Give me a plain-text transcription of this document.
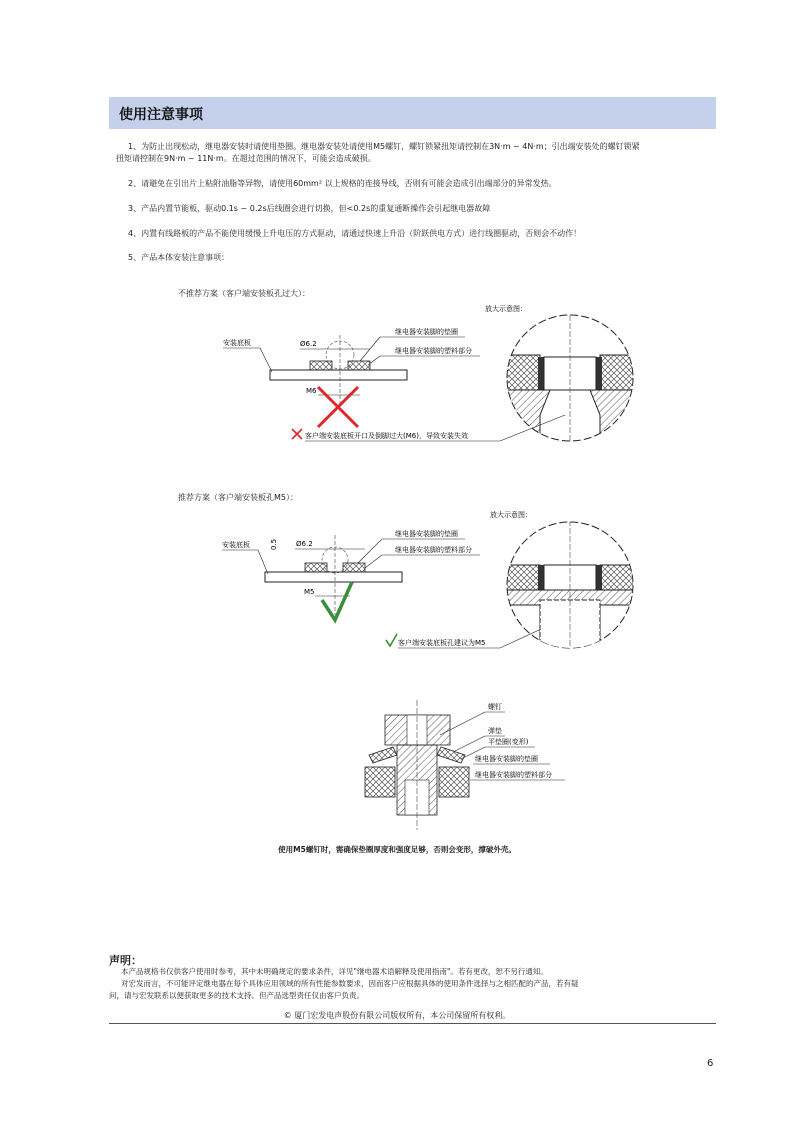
使用注意事项
1、为防止出现松动，继电器安装时请使用垫圈。继电器安装处请使用M5螺钉，螺钉锁紧扭矩请控制在3N·m ~ 4N·m；引出端安装处的螺钉锁紧
扭矩请控制在9N·m ~ 11N·m。在超过范围的情况下，可能会造成破损。
2、请避免在引出片上粘附油脂等异物，请使用60mm² 以上规格的连接导线，否则有可能会造成引出端部分的异常发热。
3、产品内置节能板，驱动0.1s ~ 0.2s后线圈会进行切换，但<0.2s的重复通断操作会引起继电器故障
4、内置有线路板的产品不能使用缓慢上升电压的方式驱动，请通过快速上升沿（阶跃供电方式）进行线圈驱动，否则会不动作！
5、产品本体安装注意事项：
不推荐方案（客户端安装板孔过大）：
放大示意图：
Ø6.2
安装底板
继电器安装脚的垫圈
继电器安装脚的塑料部分
M6
客户端安装底板开口及倒脚过大(M6)，导致安装失效
推荐方案（客户端安装板孔M5）：
放大示意图：
Ø6.2
0.5
安装底板
继电器安装脚的垫圈
继电器安装脚的塑料部分
M5
客户端安装底板孔建议为M5
螺钉
弹垫
平垫圈(变形)
继电器安装脚的垫圈
继电器安装脚的塑料部分
使用M5螺钉时，需确保垫圈厚度和强度足够，否则会变形，撑破外壳。
声明：
本产品规格书仅供客户使用时参考，其中未明确规定的要求条件，详见"继电器术语解释及使用指南"。若有更改，恕不另行通知。
对宏发而言，不可能评定继电器在每个具体应用领域的所有性能参数要求，因而客户应根据具体的使用条件选择与之相匹配的产品，若有疑
问，请与宏发联系以便获取更多的技术支持。但产品选型责任仅由客户负责。
© 厦门宏发电声股份有限公司版权所有，本公司保留所有权利。
6
